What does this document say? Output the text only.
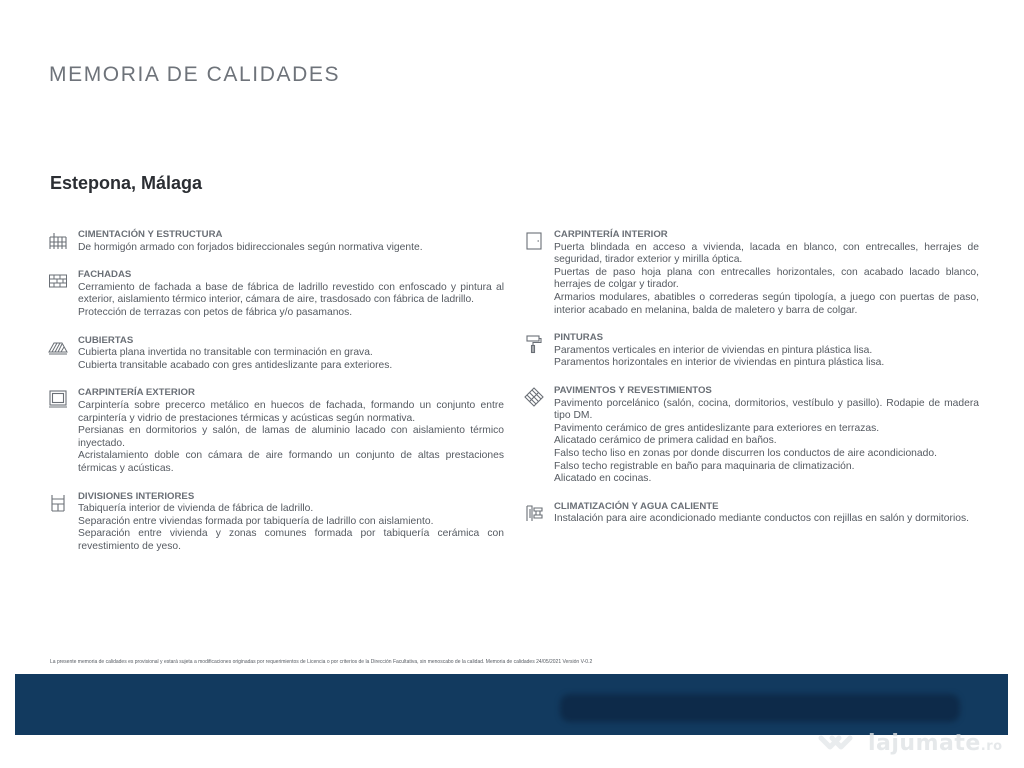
MEMORIA DE CALIDADES
Estepona, Málaga

CIMENTACIÓN Y ESTRUCTURA

De hormigón armado con forjados bidireccionales según normativa vigente.

FACHADAS

Cerramiento de fachada a base de fábrica de ladrillo revestido con enfoscado y pintura al exterior, aislamiento térmico interior, cámara de aire, trasdosado con fábrica de ladrillo.

Protección de terrazas con petos de fábrica y/o pasamanos.

CUBIERTAS

Cubierta plana invertida no transitable con terminación en grava.

Cubierta transitable acabado con gres antideslizante para exteriores.

CARPINTERÍA EXTERIOR

Carpintería sobre precerco metálico en huecos de fachada, formando un conjunto entre carpintería y vidrio de prestaciones térmicas y acústicas según normativa.

Persianas en dormitorios y salón, de lamas de aluminio lacado con aislamiento térmico inyectado.

Acristalamiento doble con cámara de aire formando un conjunto de altas prestaciones térmicas y acústicas.

DIVISIONES INTERIORES

Tabiquería interior de vivienda de fábrica de ladrillo.

Separación entre viviendas formada por tabiquería de ladrillo con aislamiento.

Separación entre vivienda y zonas comunes formada por tabiquería cerámica con revestimiento de yeso.

CARPINTERÍA INTERIOR

Puerta blindada en acceso a vivienda, lacada en blanco, con entrecalles, herrajes de seguridad, tirador exterior y mirilla óptica.

Puertas de paso hoja plana con entrecalles horizontales, con acabado lacado blanco, herrajes de colgar y tirador.

Armarios modulares, abatibles o correderas según tipología, a juego con puertas de paso, interior acabado en melanina, balda de maletero y barra de colgar.

PINTURAS

Paramentos verticales en interior de viviendas en pintura plástica lisa.

Paramentos horizontales en interior de viviendas en pintura plástica lisa.

PAVIMENTOS Y REVESTIMIENTOS

Pavimento porcelánico (salón, cocina, dormitorios, vestíbulo y pasillo). Rodapie de madera tipo DM.

Pavimento cerámico de gres antideslizante para exteriores en terrazas.

Alicatado cerámico de primera calidad en baños.

Falso techo liso en zonas por donde discurren los conductos de aire acondicionado.

Falso techo registrable en baño para maquinaria de climatización.

Alicatado en cocinas.

CLIMATIZACIÓN Y AGUA CALIENTE

Instalación para aire acondicionado mediante conductos con rejillas en salón y dormitorios.

La presente memoria de calidades es provisional y estará sujeta a modificaciones originadas por requerimientos de Licencia o por criterios de la Dirección Facultativa, sin menoscabo de la calidad. Memoria de calidades 24/05/2021 Versión V-0.2
lajumate.ro
